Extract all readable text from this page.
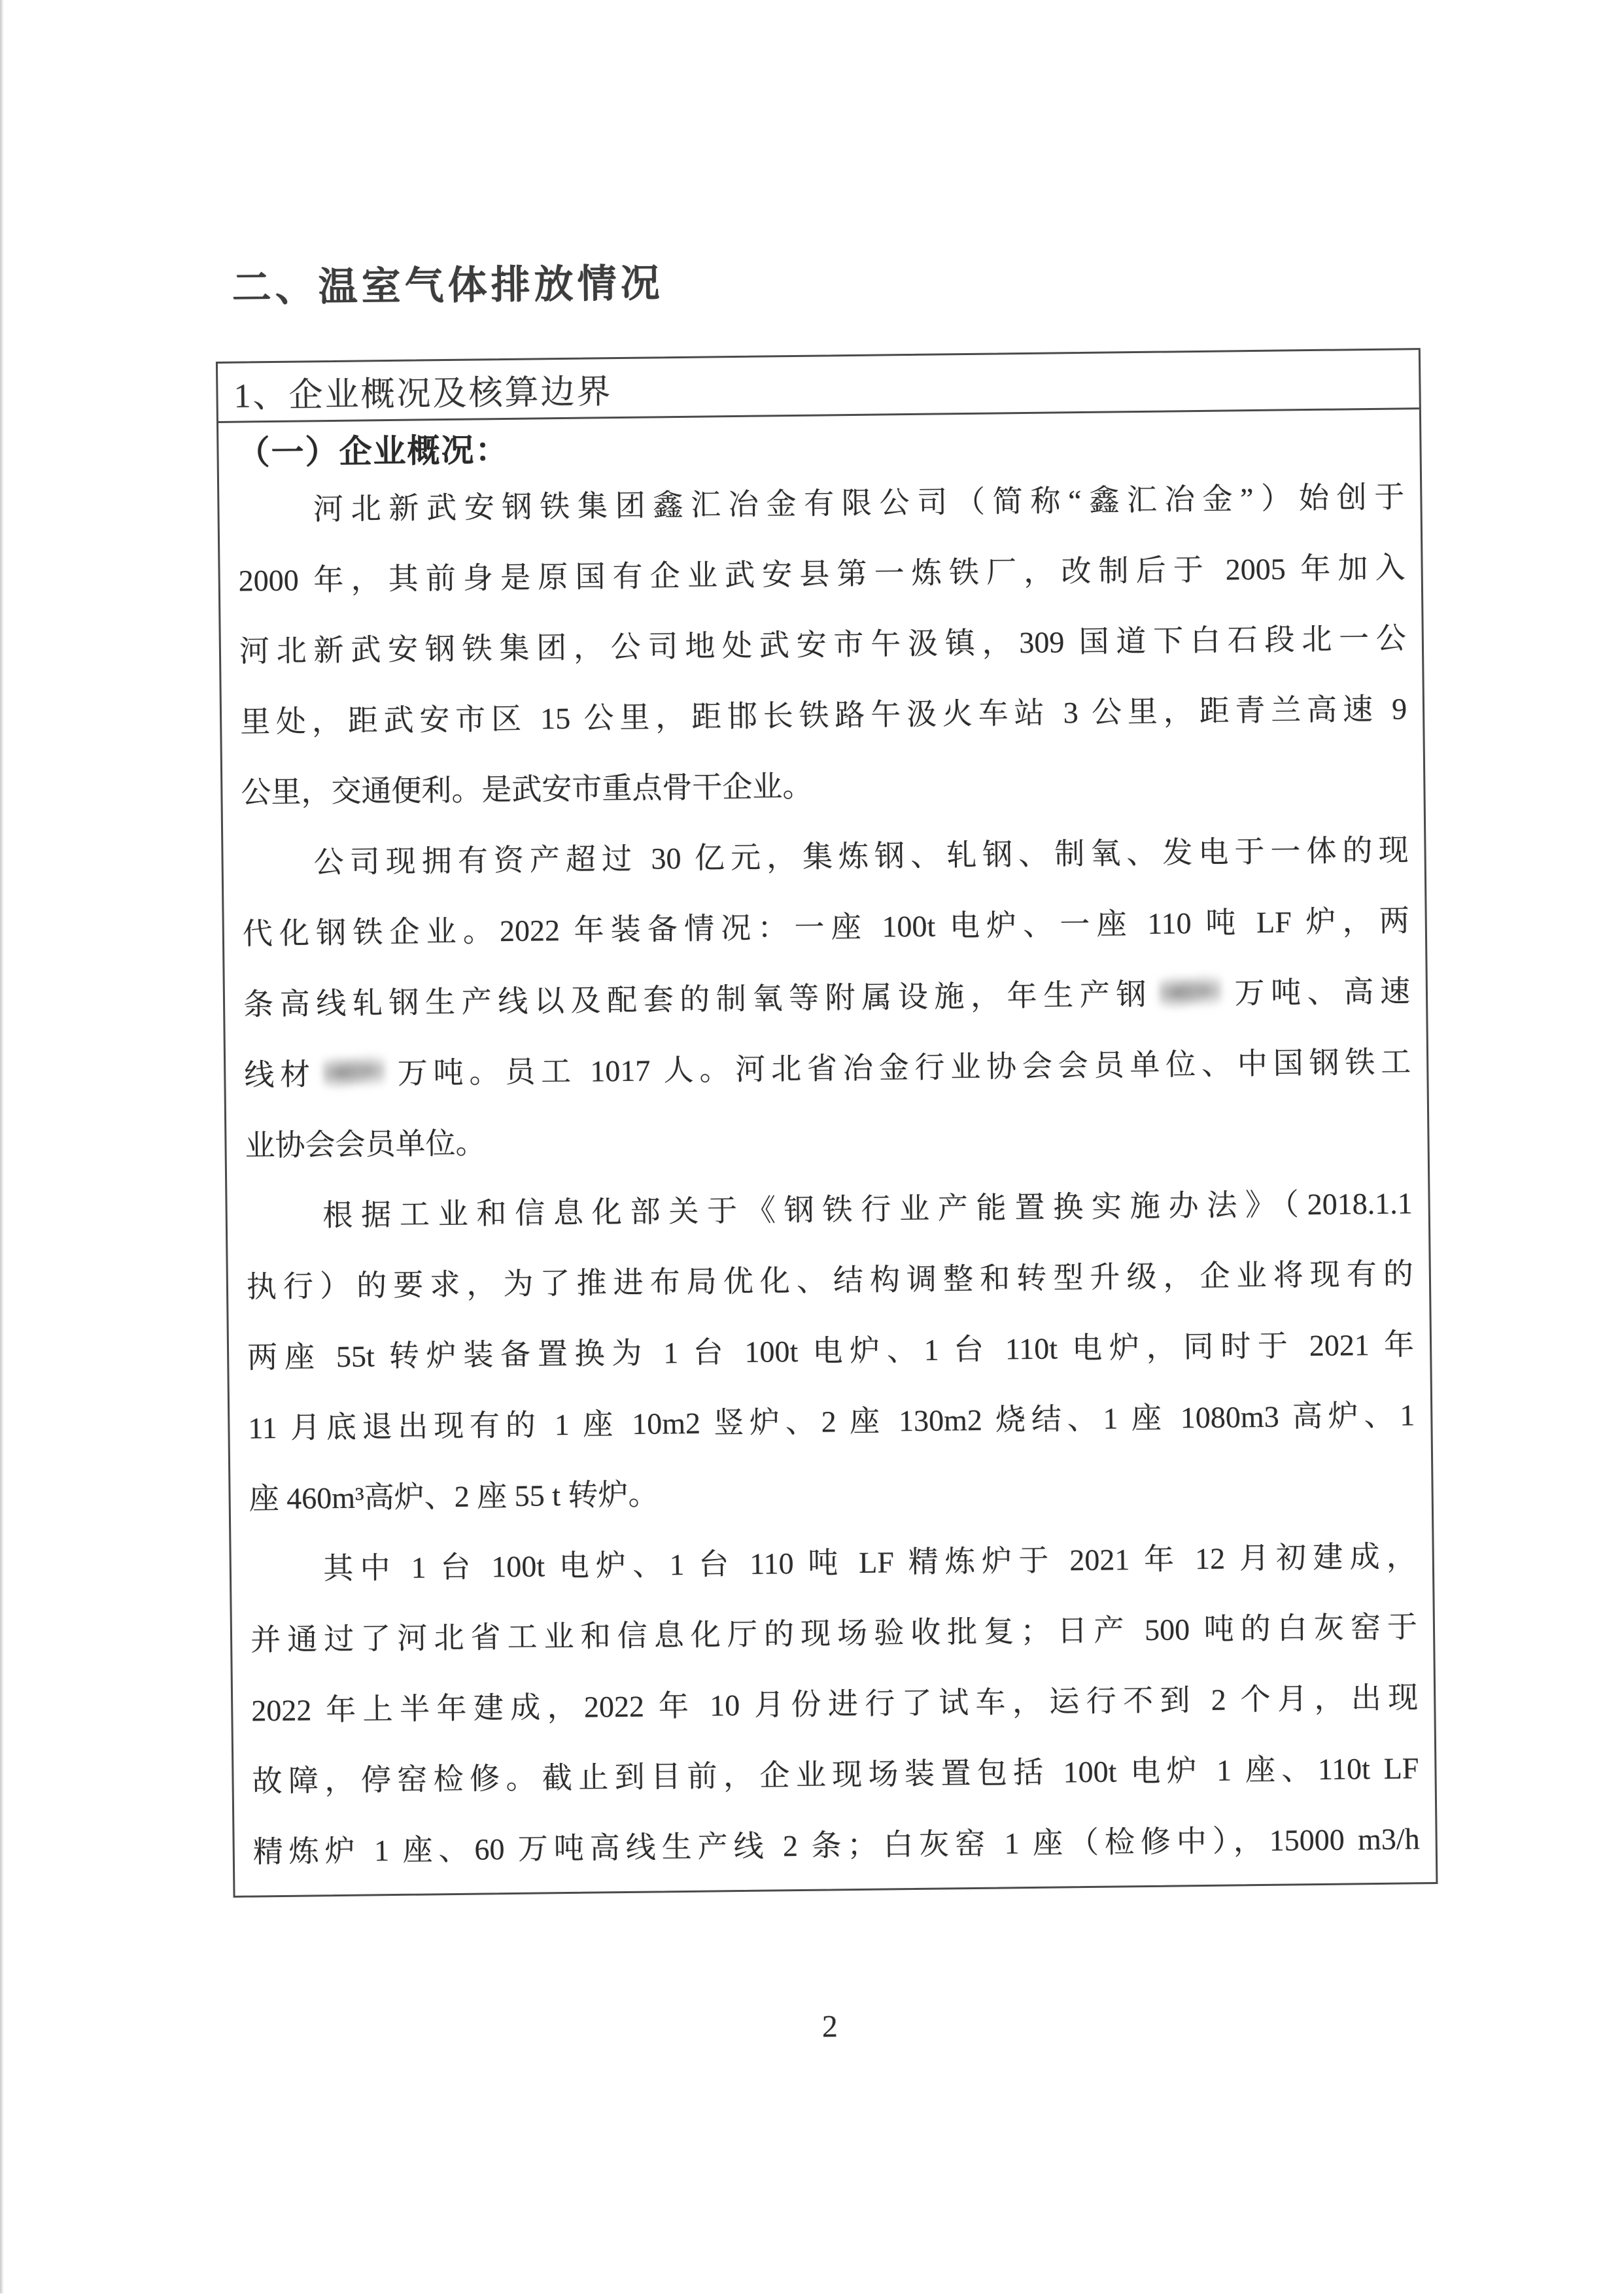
二、温室气体排放情况
1、企业概况及核算边界
（一）企业概况：
　　河北新武安钢铁集团鑫汇冶金有限公司（简称“鑫汇冶金”）始创于
2000 年，其前身是原国有企业武安县第一炼铁厂，改制后于 2005 年加入
河北新武安钢铁集团，公司地处武安市午汲镇，309 国道下白石段北一公
里处，距武安市区 15 公里，距邯长铁路午汲火车站 3 公里，距青兰高速 9
公里，交通便利。是武安市重点骨干企业。
　　公司现拥有资产超过 30 亿元，集炼钢、轧钢、制氧、发电于一体的现
代化钢铁企业。2022 年装备情况：一座 100t 电炉、一座 110 吨 LF 炉，两
条高线轧钢生产线以及配套的制氧等附属设施，年生产钢	万吨、高速
线材	万吨。员工 1017 人。河北省冶金行业协会会员单位、中国钢铁工
业协会会员单位。
　　根据工业和信息化部关于《钢铁行业产能置换实施办法》（2018.1.1
执行）的要求，为了推进布局优化、结构调整和转型升级，企业将现有的
两座 55t 转炉装备置换为 1 台 100t 电炉、1 台 110t 电炉，同时于 2021 年
11 月底退出现有的 1 座 10m2 竖炉、2 座 130m2 烧结、1 座 1080m3 高炉、1
座 460m³高炉、2 座 55 t 转炉。
　　其中 1 台 100t 电炉、1 台 110 吨 LF 精炼炉于 2021 年 12 月初建成，
并通过了河北省工业和信息化厅的现场验收批复；日产 500 吨的白灰窑于
2022 年上半年建成，2022 年 10 月份进行了试车，运行不到 2 个月，出现
故障，停窑检修。截止到目前，企业现场装置包括 100t 电炉 1 座、110t LF
精炼炉 1 座、60 万吨高线生产线 2 条；白灰窑 1 座（检修中），15000 m3/h
2
